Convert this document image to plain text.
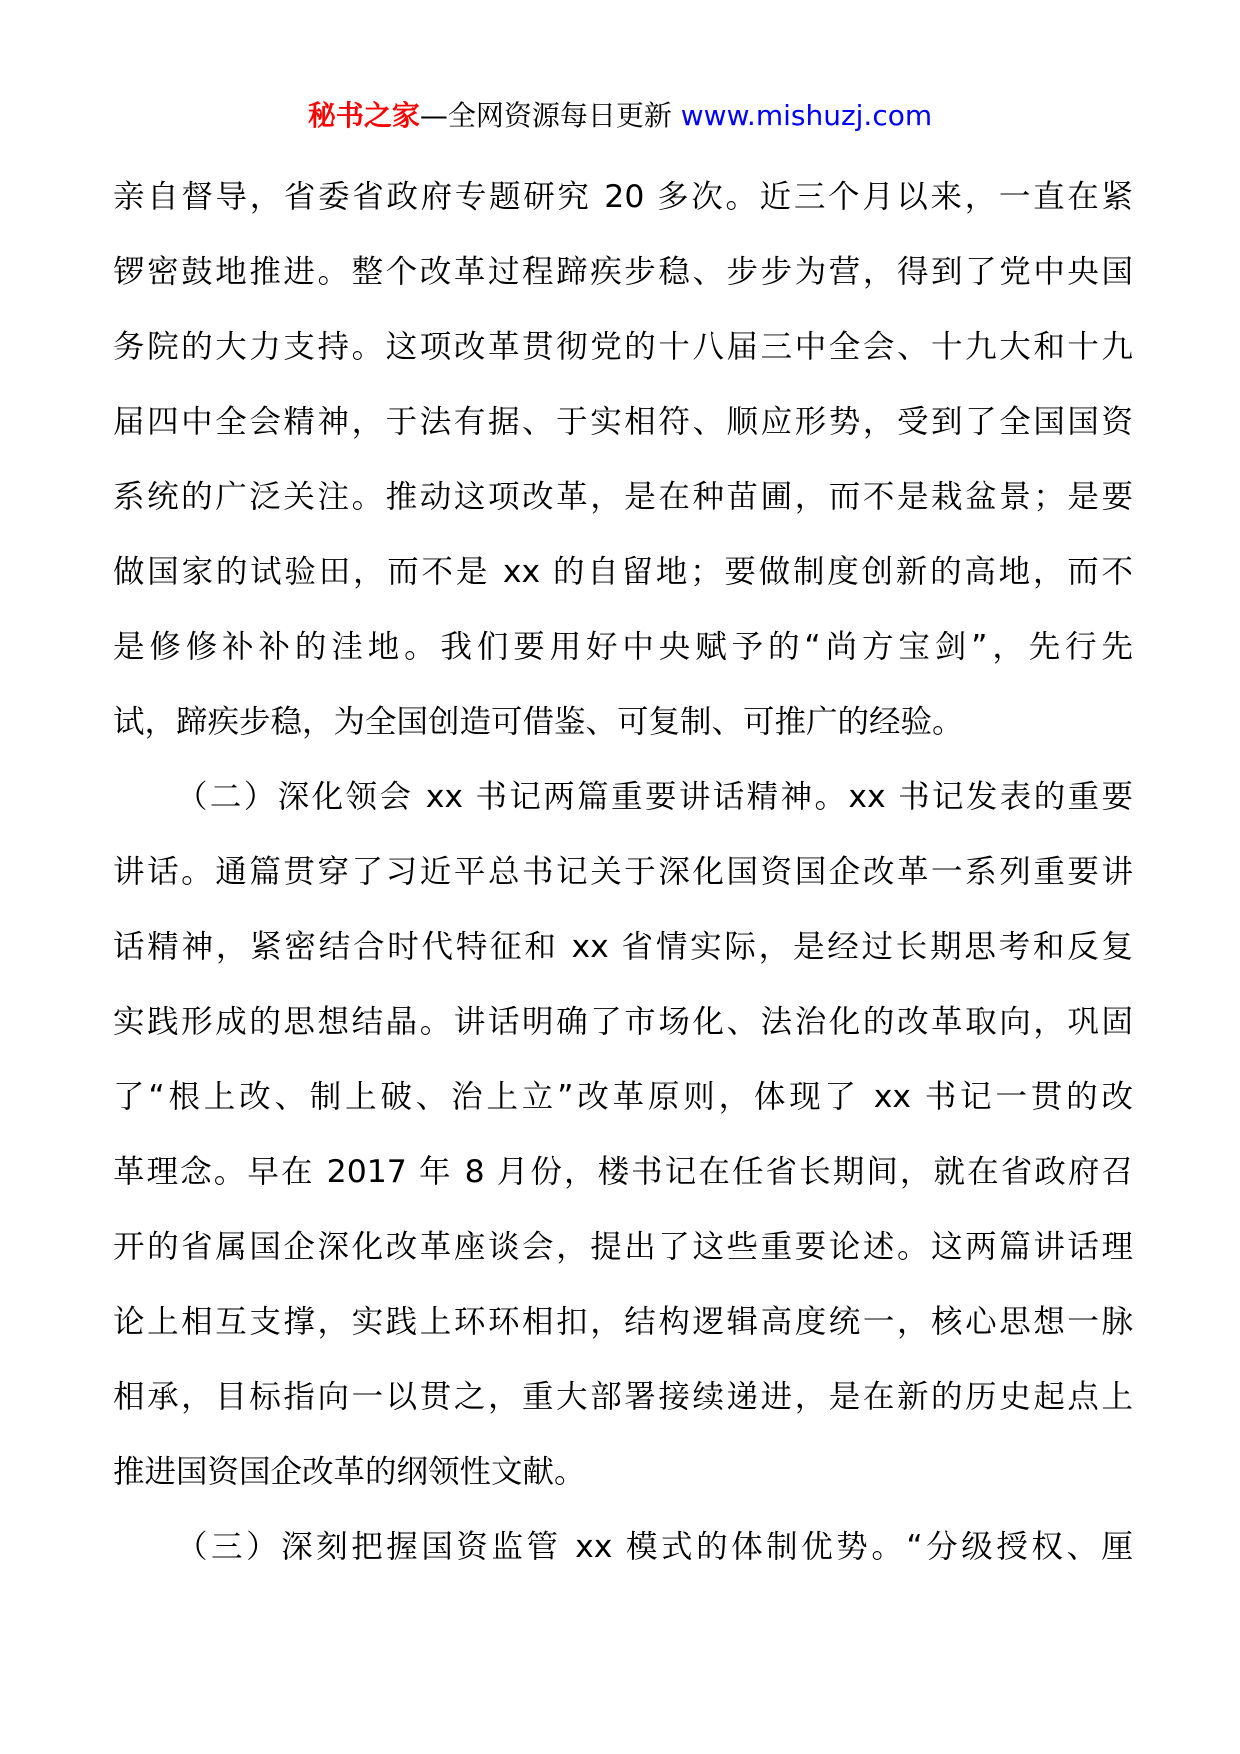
秘书之家—全网资源每日更新 www.mishuzj.com
亲自督导，省委省政府专题研究 20 多次。近三个月以来，一直在紧
锣密鼓地推进。整个改革过程蹄疾步稳、步步为营，得到了党中央国
务院的大力支持。这项改革贯彻党的十八届三中全会、十九大和十九
届四中全会精神，于法有据、于实相符、顺应形势，受到了全国国资
系统的广泛关注。推动这项改革，是在种苗圃，而不是栽盆景；是要
做国家的试验田，而不是 xx 的自留地；要做制度创新的高地，而不
是修修补补的洼地。我们要用好中央赋予的“尚方宝剑”，先行先
试，蹄疾步稳，为全国创造可借鉴、可复制、可推广的经验。
（二）深化领会 xx 书记两篇重要讲话精神。xx 书记发表的重要
讲话。通篇贯穿了习近平总书记关于深化国资国企改革一系列重要讲
话精神，紧密结合时代特征和 xx 省情实际，是经过长期思考和反复
实践形成的思想结晶。讲话明确了市场化、法治化的改革取向，巩固
了“根上改、制上破、治上立”改革原则，体现了 xx 书记一贯的改
革理念。早在 2017 年 8 月份，楼书记在任省长期间，就在省政府召
开的省属国企深化改革座谈会，提出了这些重要论述。这两篇讲话理
论上相互支撑，实践上环环相扣，结构逻辑高度统一，核心思想一脉
相承，目标指向一以贯之，重大部署接续递进，是在新的历史起点上
推进国资国企改革的纲领性文献。
（三）深刻把握国资监管 xx 模式的体制优势。“分级授权、厘
